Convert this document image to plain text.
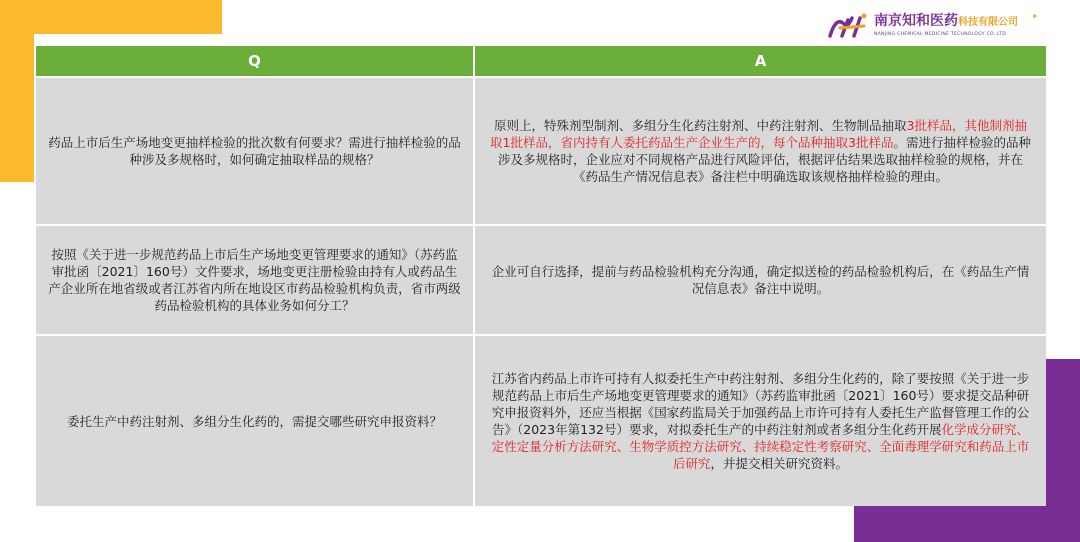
南京知和医药科技有限公司
NANJING CHEMICAL MEDICINE TECHNOLOGY CO.,LTD
✦
Q	A
药品上市后生产场地变更抽样检验的批次数有何要求？需进行抽样检验的品种涉及多规格时，如何确定抽取样品的规格？	原则上，特殊剂型制剂、多组分生化药注射剂、中药注射剂、生物制品抽取3批样品，其他制剂抽取1批样品，省内持有人委托药品生产企业生产的，每个品种抽取3批样品。需进行抽样检验的品种涉及多规格时，企业应对不同规格产品进行风险评估，根据评估结果选取抽样检验的规格，并在《药品生产情况信息表》备注栏中明确选取该规格抽样检验的理由。
按照《关于进一步规范药品上市后生产场地变更管理要求的通知》（苏药监审批函〔2021〕160号）文件要求，场地变更注册检验由持有人或药品生产企业所在地省级或者江苏省内所在地设区市药品检验机构负责，省市两级药品检验机构的具体业务如何分工？	企业可自行选择，提前与药品检验机构充分沟通，确定拟送检的药品检验机构后，在《药品生产情况信息表》备注中说明。
委托生产中药注射剂、多组分生化药的，需提交哪些研究申报资料？	江苏省内药品上市许可持有人拟委托生产中药注射剂、多组分生化药的，除了要按照《关于进一步规范药品上市后生产场地变更管理要求的通知》（苏药监审批函〔2021〕160号）要求提交品种研究申报资料外，还应当根据《国家药监局关于加强药品上市许可持有人委托生产监督管理工作的公告》（2023年第132号）要求，对拟委托生产的中药注射剂或者多组分生化药开展化学成分研究、定性定量分析方法研究、生物学质控方法研究、持续稳定性考察研究、全面毒理学研究和药品上市后研究，并提交相关研究资料。
